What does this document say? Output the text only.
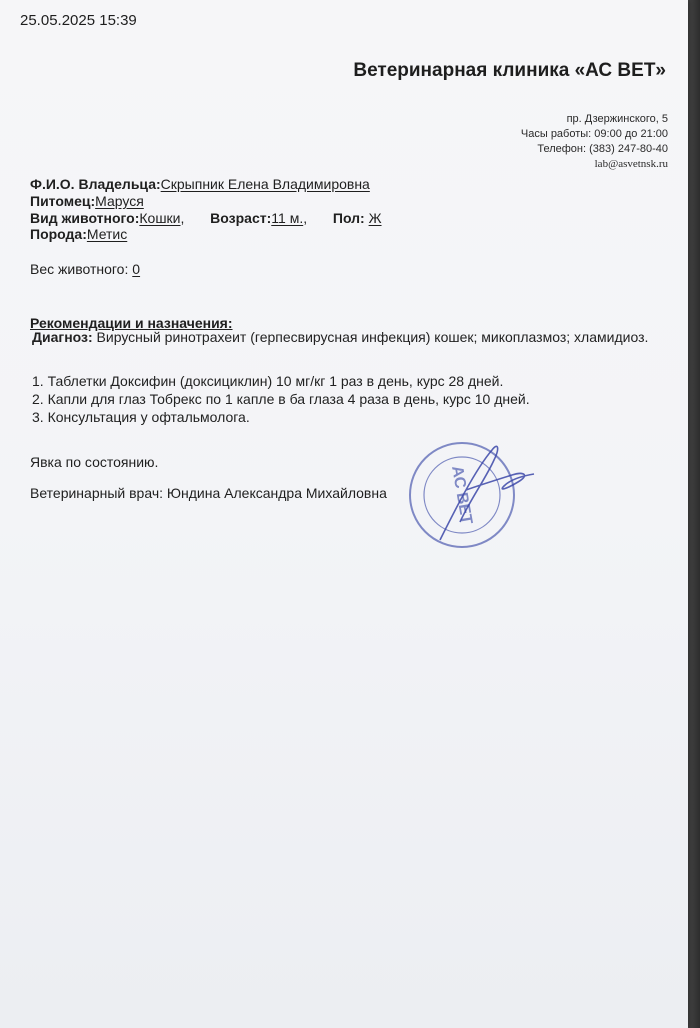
25.05.2025 15:39
Ветеринарная клиника «АС ВЕТ»
пр. Дзержинского, 5
Часы работы: 09:00 до 21:00
Телефон: (383) 247-80-40
lab@asvetnsk.ru
Ф.И.О. Владельца:Скрыпник Елена Владимировна
Питомец:Маруся
Вид животного:Кошки, Возраст:11 м., Пол: Ж
Порода:Метис
Вес животного: 0
Рекомендации и назначения:
Диагноз: Вирусный ринотрахеит (герпесвирусная инфекция) кошек; микоплазмоз; хламидиоз.
1. Таблетки Доксифин (доксициклин) 10 мг/кг 1 раз в день, курс 28 дней.
2. Капли для глаз Тобрекс по 1 капле в ба глаза 4 раза в день, курс 10 дней.
3. Консультация у офтальмолога.
Явка по состоянию.
Ветеринарный врач: Юндина Александра Михайловна	АС ВЕТ
